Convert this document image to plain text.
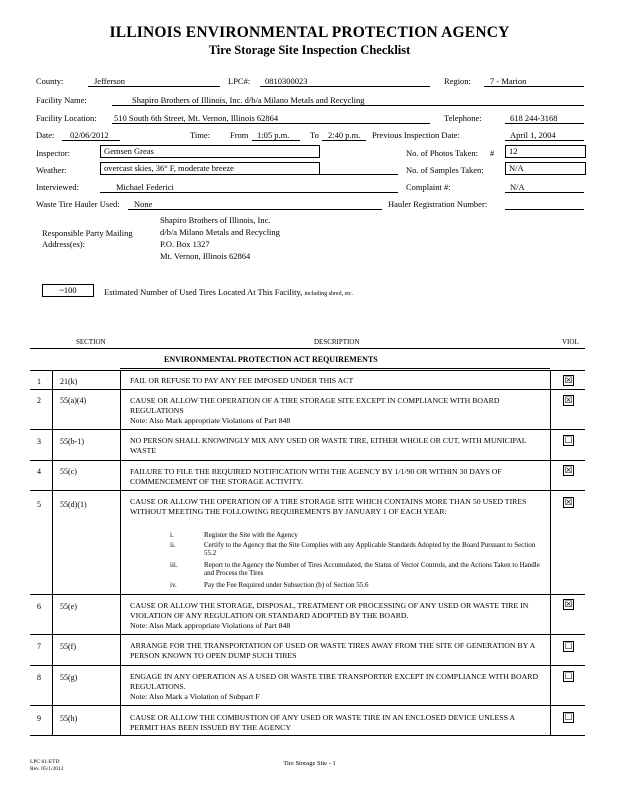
ILLINOIS ENVIRONMENTAL PROTECTION AGENCY
Tire Storage Site Inspection Checklist
County:	Jefferson	LPC#: 0810300023	Region: 7 - Marion
Facility Name:	Shapiro Brothers of Illinois, Inc. d/b/a Milano Metals and Recycling
Facility Location: 510 South 6th Street, Mt. Vernon, Illinois 62864	Telephone:	618 244-3168
Date: 02/06/2012	Time: From 1:05 p.m. To 2:40 p.m. Previous Inspection Date:	April 1, 2004
Inspector:	Gemsen Greas	No. of Photos Taken: #	12
Weather:	overcast skies, 36° F, moderate breeze	No. of Samples Taken:	N/A
Interviewed:	Michael Federici	Complaint #:	N/A
Waste Tire Hauler Used: None	Hauler Registration Number:
Responsible Party Mailing
Address(es):
Shapiro Brothers of Illinois, Inc.
d/b/a Milano Metals and Recycling
P.O. Box 1327
Mt. Vernon, Illinois 62864
~100	Estimated Number of Used Tires Located At This Facility, including shred, etc.
SECTION	DESCRIPTION	VIOL
ENVIRONMENTAL PROTECTION ACT REQUIREMENTS
1 21(k)	FAIL OR REFUSE TO PAY ANY FEE IMPOSED UNDER THIS ACT	☒
2 55(a)(4)	CAUSE OR ALLOW THE OPERATION OF A TIRE STORAGE SITE EXCEPT IN COMPLIANCE WITH BOARD REGULATIONS
Note: Also Mark appropriate Violations of Part 848
☒
3 55(b-1)	NO PERSON SHALL KNOWINGLY MIX ANY USED OR WASTE TIRE, EITHER WHOLE OR CUT, WITH MUNICIPAL WASTE
☐
4 55(c)	FAILURE TO FILE THE REQUIRED NOTIFICATION WITH THE AGENCY BY 1/1/90 OR WITHIN 30 DAYS OF COMMENCEMENT OF THE STORAGE ACTIVITY.
☒
5 55(d)(1)	CAUSE OR ALLOW THE OPERATION OF A TIRE STORAGE SITE WHICH CONTAINS MORE THAN 50 USED TIRES WITHOUT MEETING THE FOLLOWING REQUIREMENTS BY JANUARY 1 OF EACH YEAR:
☒
i.	Register the Site with the Agency
ii.	Certify to the Agency that the Site Complies with any Applicable Standards Adopted by the Board Pursuant to Section 55.2
iii.	Report to the Agency the Number of Tires Accumulated, the Status of Vector Controls, and the Actions Taken to Handle and Process the Tires
iv.	Pay the Fee Required under Subsection (b) of Section 55.6
6 55(e)	CAUSE OR ALLOW THE STORAGE, DISPOSAL, TREATMENT OR PROCESSING OF ANY USED OR WASTE TIRE IN VIOLATION OF ANY REGULATION OR STANDARD ADOPTED BY THE BOARD.
Note: Also Mark appropriate Violations of Part 848
☒
7 55(f)	ARRANGE FOR THE TRANSPORTATION OF USED OR WASTE TIRES AWAY FROM THE SITE OF GENERATION BY A PERSON KNOWN TO OPEN DUMP SUCH TIRES
☐
8 55(g)	ENGAGE IN ANY OPERATION AS A USED OR WASTE TIRE TRANSPORTER EXCEPT IN COMPLIANCE WITH BOARD REGULATIONS.
Note: Also Mark a Violation of Subpart F
☐
9 55(h)	CAUSE OR ALLOW THE COMBUSTION OF ANY USED OR WASTE TIRE IN AN ENCLOSED DEVICE UNLESS A PERMIT HAS BEEN ISSUED BY THE AGENCY
☐
LPC 61-ETD
Rev. 05/1/2012
Tire Storage Site - 1
